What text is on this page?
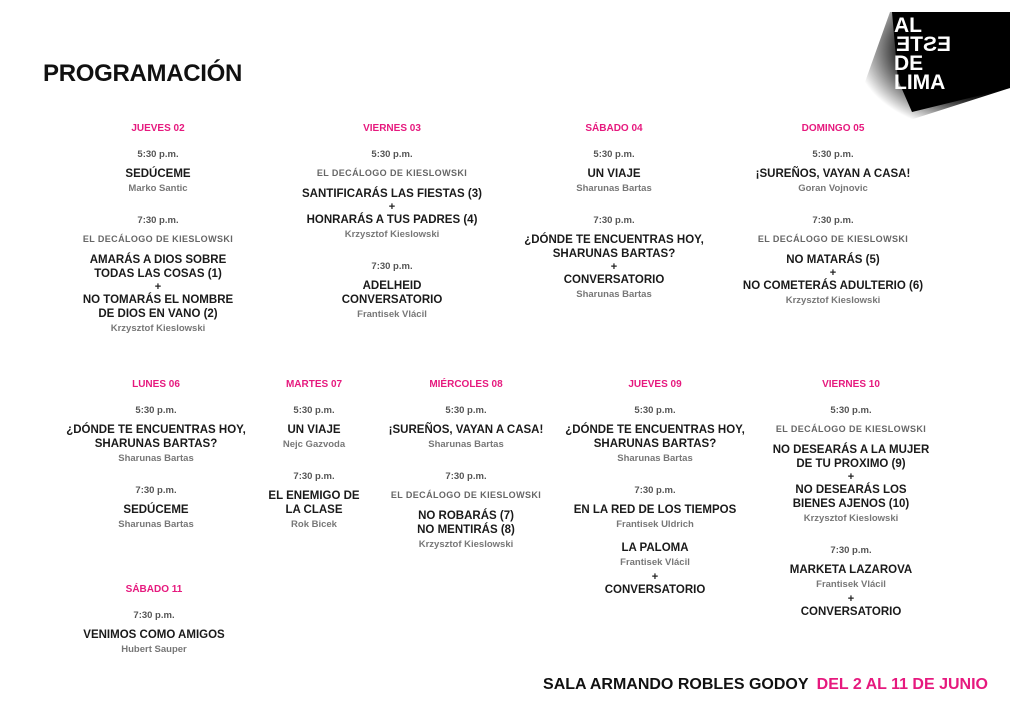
PROGRAMACIÓN
AL
ESTE
DE
LIMA
JUEVES 02
5:30 p.m.
SEDÚCEME
Marko Santic
7:30 p.m.
EL DECÁLOGO DE KIESLOWSKI
AMARÁS A DIOS SOBRE
TODAS LAS COSAS (1)
+
NO TOMARÁS EL NOMBRE
DE DIOS EN VANO (2)
Krzysztof Kieslowski
VIERNES 03
5:30 p.m.
EL DECÁLOGO DE KIESLOWSKI
SANTIFICARÁS LAS FIESTAS (3)
+
HONRARÁS A TUS PADRES (4)
Krzysztof Kieslowski
7:30 p.m.
ADELHEID
CONVERSATORIO
Frantisek Vlácil
SÁBADO 04
5:30 p.m.
UN VIAJE
Sharunas Bartas
7:30 p.m.
¿DÓNDE TE ENCUENTRAS HOY,
SHARUNAS BARTAS?
+
CONVERSATORIO
Sharunas Bartas
DOMINGO 05
5:30 p.m.
¡SUREÑOS, VAYAN A CASA!
Goran Vojnovic
7:30 p.m.
EL DECÁLOGO DE KIESLOWSKI
NO MATARÁS (5)
+
NO COMETERÁS ADULTERIO (6)
Krzysztof Kieslowski
LUNES 06
5:30 p.m.
¿DÓNDE TE ENCUENTRAS HOY,
SHARUNAS BARTAS?
Sharunas Bartas
7:30 p.m.
SEDÚCEME
Sharunas Bartas
MARTES 07
5:30 p.m.
UN VIAJE
Nejc Gazvoda
7:30 p.m.
EL ENEMIGO DE
LA CLASE
Rok Bicek
MIÉRCOLES 08
5:30 p.m.
¡SUREÑOS, VAYAN A CASA!
Sharunas Bartas
7:30 p.m.
EL DECÁLOGO DE KIESLOWSKI
NO ROBARÁS (7)
NO MENTIRÁS (8)
Krzysztof Kieslowski
JUEVES 09
5:30 p.m.
¿DÓNDE TE ENCUENTRAS HOY,
SHARUNAS BARTAS?
Sharunas Bartas
7:30 p.m.
EN LA RED DE LOS TIEMPOS
Frantisek Uldrich
LA PALOMA
Frantisek Vlácil
+
CONVERSATORIO
VIERNES 10
5:30 p.m.
EL DECÁLOGO DE KIESLOWSKI
NO DESEARÁS A LA MUJER
DE TU PROXIMO (9)
+
NO DESEARÁS LOS
BIENES AJENOS (10)
Krzysztof Kieslowski
7:30 p.m.
MARKETA LAZAROVA
Frantisek Vlácil
+
CONVERSATORIO
SÁBADO 11
7:30 p.m.
VENIMOS COMO AMIGOS
Hubert Sauper
SALA ARMANDO ROBLES GODOY DEL 2 AL 11 DE JUNIO
